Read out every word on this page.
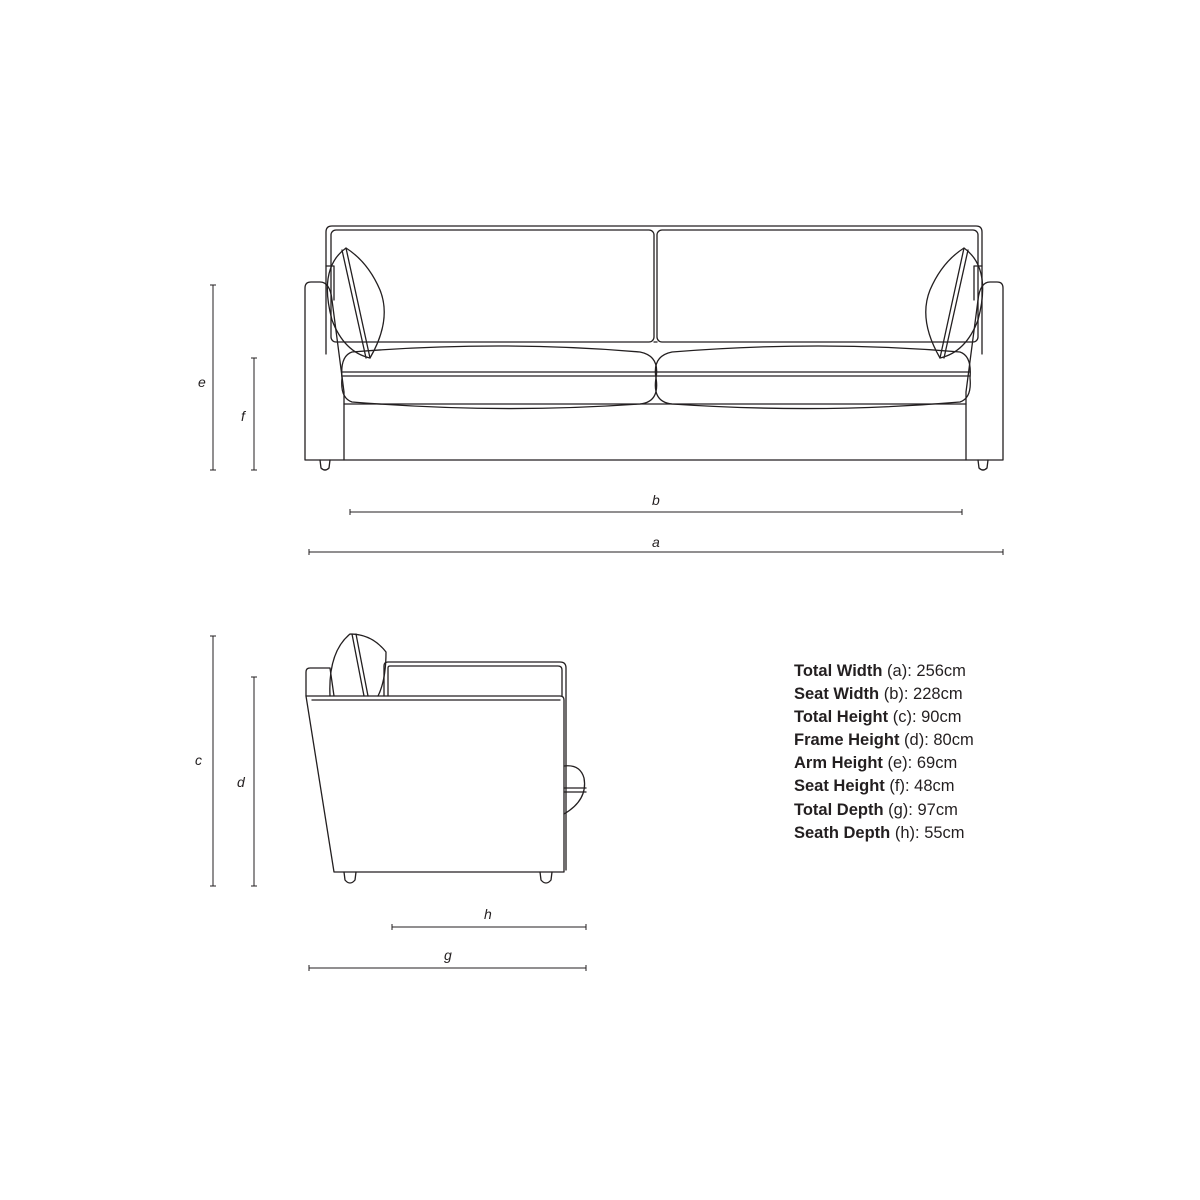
e
f
b
a
c
d
h
g
Total Width (a): 256cm
Seat Width (b): 228cm
Total Height (c): 90cm
Frame Height (d): 80cm
Arm Height (e): 69cm
Seat Height (f): 48cm
Total Depth (g): 97cm
Seath Depth (h): 55cm
